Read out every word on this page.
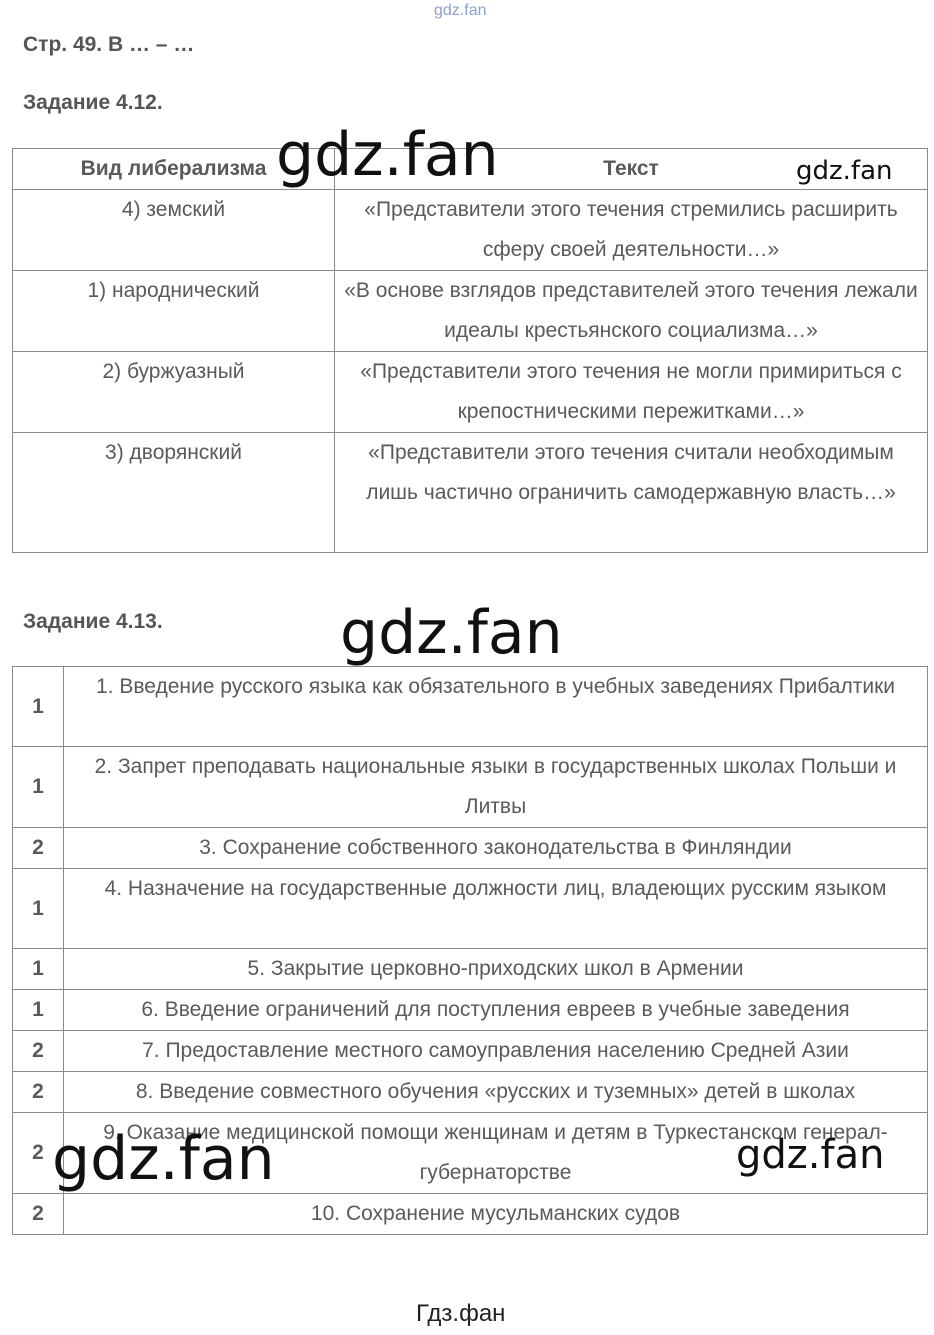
gdz.fan
Стр. 49. В … – …
Задание 4.12.
Вид либерализма	Текст
4) земский	«Представители этого течения стремились расширить сферу своей деятельности…»
1) народнический	«В основе взглядов представителей этого течения лежали идеалы крестьянского социализма…»
2) буржуазный	«Представители этого течения не могли примириться с крепостническими пережитками…»
3) дворянский	«Представители этого течения считали необходимым лишь частично ограничить самодержавную власть…»
Задание 4.13.
1	1. Введение русского языка как обязательного в учебных заведениях Прибалтики
1	2. Запрет преподавать национальные языки в государственных школах Польши и Литвы
2	3. Сохранение собственного законодательства в Финляндии
1	4. Назначение на государственные должности лиц, владеющих русским языком
1	5. Закрытие церковно-приходских школ в Армении
1	6. Введение ограничений для поступления евреев в учебные заведения
2	7. Предоставление местного самоуправления населению Средней Азии
2	8. Введение совместного обучения «русских и туземных» детей в школах
2	9. Оказание медицинской помощи женщинам и детям в Туркестанском генерал-губернаторстве
2	10. Сохранение мусульманских судов
gdz.fan	gdz.fan
gdz.fan
gdz.fan	gdz.fan
Гдз.фан
